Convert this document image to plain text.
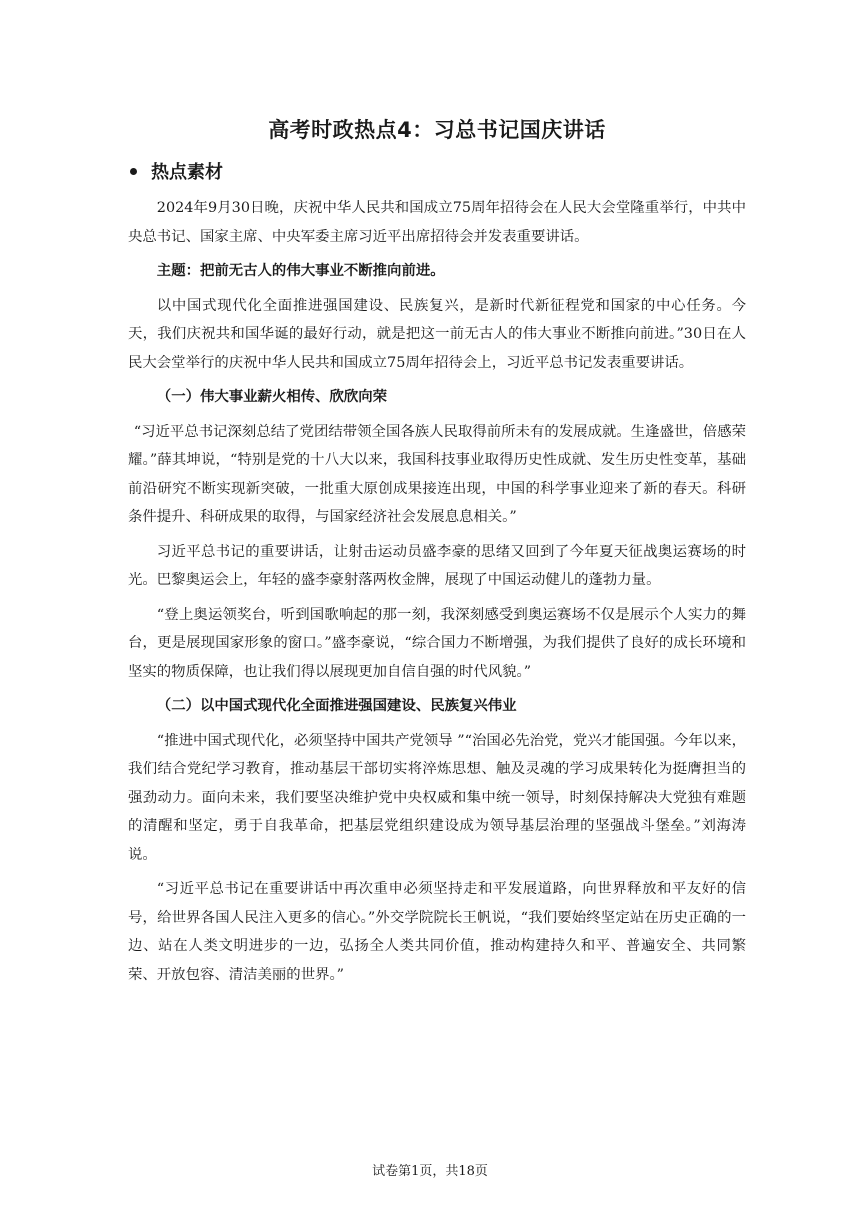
高考时政热点4：习总书记国庆讲话
热点素材

2024年9月30日晚，庆祝中华人民共和国成立75周年招待会在人民大会堂隆重举行，中共中央总书记、国家主席、中央军委主席习近平出席招待会并发表重要讲话。

主题：把前无古人的伟大事业不断推向前进。

以中国式现代化全面推进强国建设、民族复兴，是新时代新征程党和国家的中心任务。今天，我们庆祝共和国华诞的最好行动，就是把这一前无古人的伟大事业不断推向前进。”30日在人民大会堂举行的庆祝中华人民共和国成立75周年招待会上，习近平总书记发表重要讲话。

（一）伟大事业薪火相传、欣欣向荣

“习近平总书记深刻总结了党团结带领全国各族人民取得前所未有的发展成就。生逢盛世，倍感荣耀。”薛其坤说，“特别是党的十八大以来，我国科技事业取得历史性成就、发生历史性变革，基础前沿研究不断实现新突破，一批重大原创成果接连出现，中国的科学事业迎来了新的春天。科研条件提升、科研成果的取得，与国家经济社会发展息息相关。”

习近平总书记的重要讲话，让射击运动员盛李豪的思绪又回到了今年夏天征战奥运赛场的时光。巴黎奥运会上，年轻的盛李豪射落两枚金牌，展现了中国运动健儿的蓬勃力量。

“登上奥运领奖台，听到国歌响起的那一刻，我深刻感受到奥运赛场不仅是展示个人实力的舞台，更是展现国家形象的窗口。”盛李豪说，“综合国力不断增强，为我们提供了良好的成长环境和坚实的物质保障，也让我们得以展现更加自信自强的时代风貌。”

（二）以中国式现代化全面推进强国建设、民族复兴伟业

“推进中国式现代化，必须坚持中国共产党领导 ”“治国必先治党，党兴才能国强。今年以来，我们结合党纪学习教育，推动基层干部切实将淬炼思想、触及灵魂的学习成果转化为挺膺担当的强劲动力。面向未来，我们要坚决维护党中央权威和集中统一领导，时刻保持解决大党独有难题的清醒和坚定，勇于自我革命，把基层党组织建设成为领导基层治理的坚强战斗堡垒。”刘海涛说。

“习近平总书记在重要讲话中再次重申必须坚持走和平发展道路，向世界释放和平友好的信号，给世界各国人民注入更多的信心。”外交学院院长王帆说，“我们要始终坚定站在历史正确的一边、站在人类文明进步的一边，弘扬全人类共同价值，推动构建持久和平、普遍安全、共同繁荣、开放包容、清洁美丽的世界。”

试卷第1页，共18页
